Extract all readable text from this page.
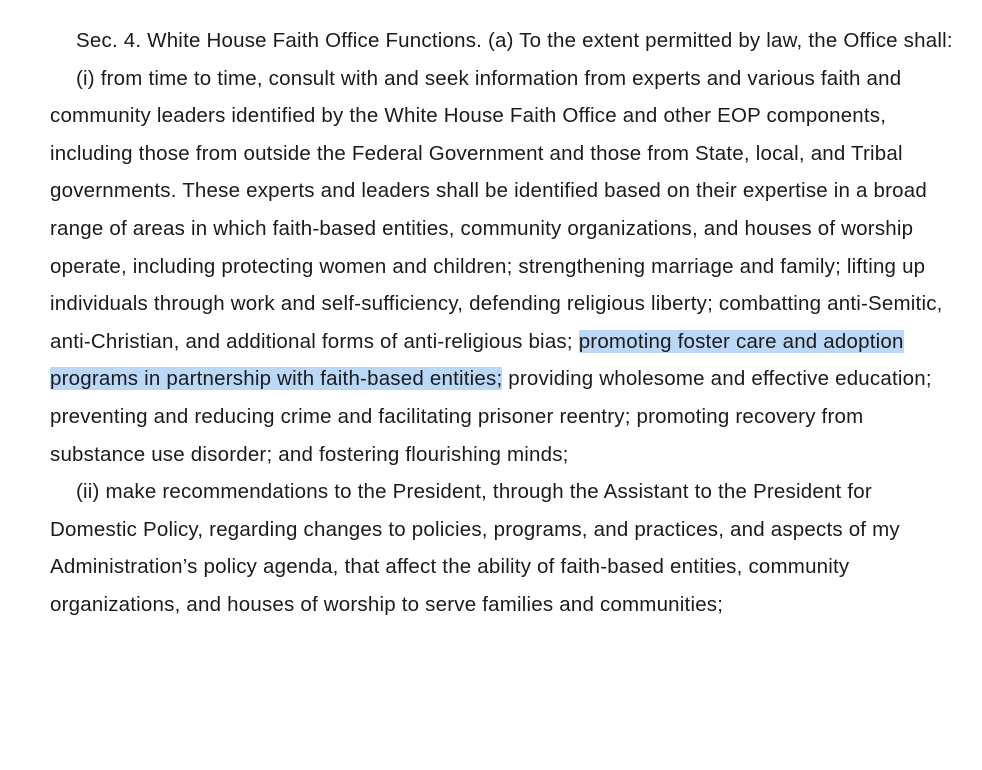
Sec. 4. White House Faith Office Functions. (a) To the extent permitted by law, the Office shall:

(i) from time to time, consult with and seek information from experts and various faith and community leaders identified by the White House Faith Office and other EOP components, including those from outside the Federal Government and those from State, local, and Tribal governments. These experts and leaders shall be identified based on their expertise in a broad range of areas in which faith-based entities, community organizations, and houses of worship operate, including protecting women and children; strengthening marriage and family; lifting up individuals through work and self-sufficiency, defending religious liberty; combatting anti-Semitic, anti-Christian, and additional forms of anti-religious bias; promoting foster care and adoption programs in partnership with faith-based entities; providing wholesome and effective education; preventing and reducing crime and facilitating prisoner reentry; promoting recovery from substance use disorder; and fostering flourishing minds;

(ii) make recommendations to the President, through the Assistant to the President for Domestic Policy, regarding changes to policies, programs, and practices, and aspects of my Administration’s policy agenda, that affect the ability of faith-based entities, community organizations, and houses of worship to serve families and communities;
